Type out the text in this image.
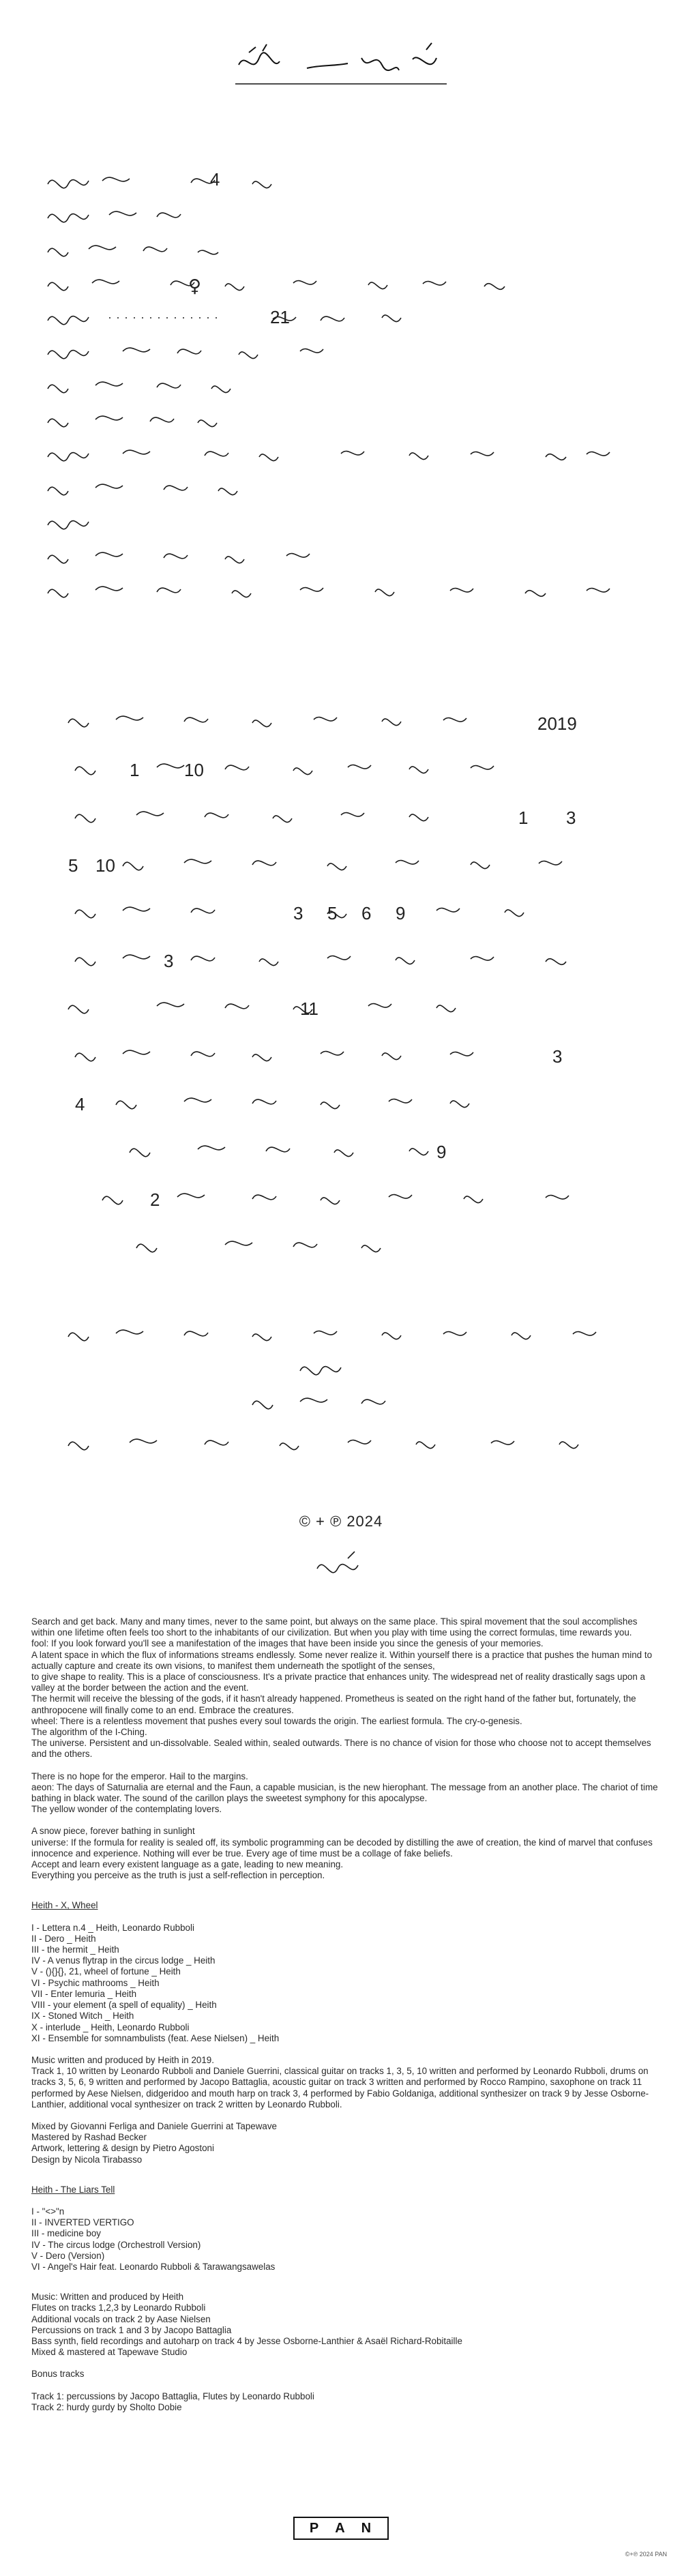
4
21
♀
2019
1	10
1 3
5 10
3 5 6 9
3
11
3
4
9
2
© + ℗ 2024

Search and get back. Many and many times, never to the same point, but always on the same place. This spiral movement that the soul accomplishes within one lifetime often feels too short to the inhabitants of our civilization. But when you play with time using the correct formulas, time rewards you.

fool: If you look forward you'll see a manifestation of the images that have been inside you since the genesis of your memories.

A latent space in which the flux of informations streams endlessly. Some never realize it. Within yourself there is a practice that pushes the human mind to actually capture and create its own visions, to manifest them underneath the spotlight of the senses,

to give shape to reality. This is a place of consciousness. It's a private practice that enhances unity. The widespread net of reality drastically sags upon a valley at the border between the action and the event.

The hermit will receive the blessing of the gods, if it hasn't already happened. Prometheus is seated on the right hand of the father but, fortunately, the anthropocene will finally come to an end. Embrace the creatures.

wheel: There is a relentless movement that pushes every soul towards the origin. The earliest formula. The cry-o-genesis.

The algorithm of the I-Ching.

The universe. Persistent and un-dissolvable. Sealed within, sealed outwards. There is no chance of vision for those who choose not to accept themselves and the others.

There is no hope for the emperor. Hail to the margins.

aeon: The days of Saturnalia are eternal and the Faun, a capable musician, is the new hierophant. The message from an another place. The chariot of time bathing in black water. The sound of the carillon plays the sweetest symphony for this apocalypse.

The yellow wonder of the contemplating lovers.

A snow piece, forever bathing in sunlight

universe: If the formula for reality is sealed off, its symbolic programming can be decoded by distilling the awe of creation, the kind of marvel that confuses innocence and experience. Nothing will ever be true. Every age of time must be a collage of fake beliefs.

Accept and learn every existent language as a gate, leading to new meaning.

Everything you perceive as the truth is just a self-reflection in perception.

Heith - X, Wheel

I - Lettera n.4 _ Heith, Leonardo Rubboli

II - Dero _ Heith

III - the hermit _ Heith

IV - A venus flytrap in the circus lodge _ Heith

V - (){}{}, 21, wheel of fortune _ Heith

VI - Psychic mathrooms _ Heith

VII - Enter lemuria _ Heith

VIII - your element (a spell of equality) _ Heith

IX - Stoned Witch _ Heith

X - interlude _ Heith, Leonardo Rubboli

XI - Ensemble for somnambulists (feat. Aese Nielsen) _ Heith

Music written and produced by Heith in 2019.

Track 1, 10 written by Leonardo Rubboli and Daniele Guerrini, classical guitar on tracks 1, 3, 5, 10 written and performed by Leonardo Rubboli, drums on tracks 3, 5, 6, 9 written and performed by Jacopo Battaglia, acoustic guitar on track 3 written and performed by Rocco Rampino, saxophone on track 11 performed by Aese Nielsen, didgeridoo and mouth harp on track 3, 4 performed by Fabio Goldaniga, additional synthesizer on track 9 by Jesse Osborne-Lanthier, additional vocal synthesizer on track 2 written by Leonardo Rubboli.

Mixed by Giovanni Ferliga and Daniele Guerrini at Tapewave

Mastered by Rashad Becker

Artwork, lettering & design by Pietro Agostoni

Design by Nicola Tirabasso

Heith - The Liars Tell

I - "<>"n

II - INVERTED VERTIGO

III - medicine boy

IV - The circus lodge (Orchestroll Version)

V - Dero (Version)

VI - Angel's Hair feat. Leonardo Rubboli & Tarawangsawelas

Music: Written and produced by Heith

Flutes on tracks 1,2,3 by Leonardo Rubboli

Additional vocals on track 2 by Aase Nielsen

Percussions on track 1 and 3 by Jacopo Battaglia

Bass synth, field recordings and autoharp on track 4 by Jesse Osborne-Lanthier & Asaël Richard-Robitaille

Mixed & mastered at Tapewave Studio

Bonus tracks

Track 1: percussions by Jacopo Battaglia, Flutes by Leonardo Rubboli

Track 2: hurdy gurdy by Sholto Dobie

P A N
©+℗ 2024 PAN
